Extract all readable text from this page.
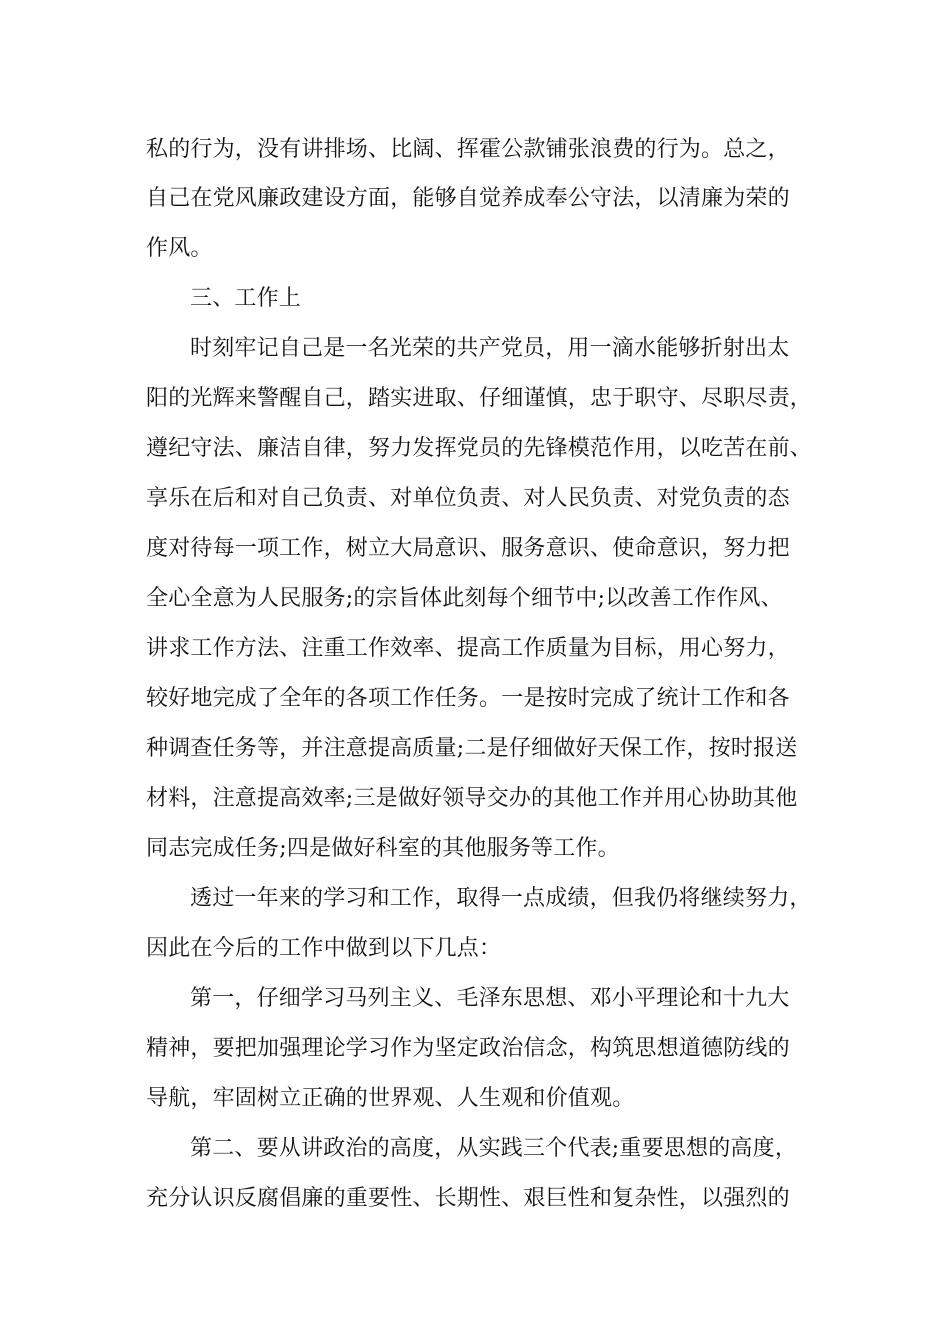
私的行为，没有讲排场、比阔、挥霍公款铺张浪费的行为。总之，
自己在党风廉政建设方面，能够自觉养成奉公守法，以清廉为荣的
作风。
三、工作上
时刻牢记自己是一名光荣的共产党员，用一滴水能够折射出太
阳的光辉来警醒自己，踏实进取、仔细谨慎，忠于职守、尽职尽责，
遵纪守法、廉洁自律，努力发挥党员的先锋模范作用，以吃苦在前、
享乐在后和对自己负责、对单位负责、对人民负责、对党负责的态
度对待每一项工作，树立大局意识、服务意识、使命意识，努力把
全心全意为人民服务;的宗旨体此刻每个细节中;以改善工作作风、
讲求工作方法、注重工作效率、提高工作质量为目标，用心努力，
较好地完成了全年的各项工作任务。一是按时完成了统计工作和各
种调查任务等，并注意提高质量;二是仔细做好天保工作，按时报送
材料，注意提高效率;三是做好领导交办的其他工作并用心协助其他
同志完成任务;四是做好科室的其他服务等工作。
透过一年来的学习和工作，取得一点成绩，但我仍将继续努力，
因此在今后的工作中做到以下几点：
第一，仔细学习马列主义、毛泽东思想、邓小平理论和十九大
精神，要把加强理论学习作为坚定政治信念，构筑思想道德防线的
导航，牢固树立正确的世界观、人生观和价值观。
第二、要从讲政治的高度，从实践三个代表;重要思想的高度，
充分认识反腐倡廉的重要性、长期性、艰巨性和复杂性，以强烈的
